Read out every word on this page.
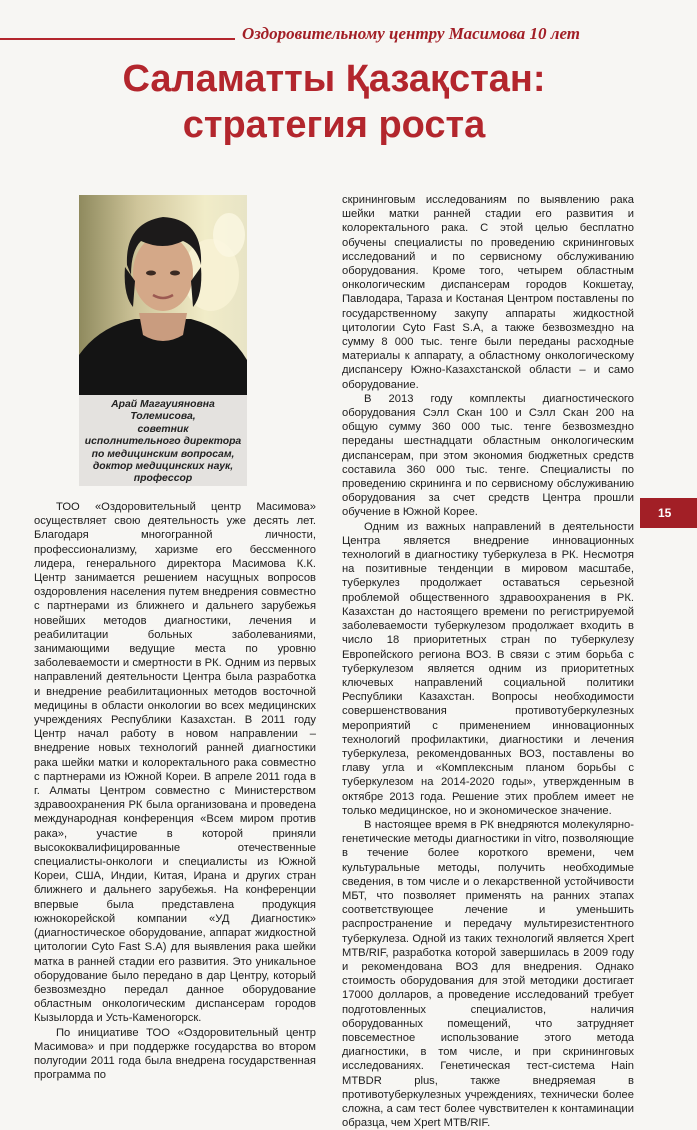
Оздоровительному центру Масимова 10 лет
Саламатты Қазақстан:
стратегия роста
Арай Магауияновна
Толемисова,
советник
исполнительного директора
по медицинским вопросам,
доктор медицинских наук,
профессор

ТОО «Оздоровительный центр Масимова» осуществляет свою деятельность уже десять лет. Благодаря многогранной личности, профессионализму, харизме его бессменного лидера, генерального директора Масимова К.К. Центр занимается решением насущных вопросов оздоровления населения путем внедрения совместно с партнерами из ближнего и дальнего зарубежья новейших методов диагностики, лечения и реабилитации больных заболеваниями, занимающими ведущие места по уровню заболеваемости и смертности в РК. Одним из первых направлений деятельности Центра была разработка и внедрение реабилитационных методов восточной медицины в области онкологии во всех медицинских учреждениях Республики Казахстан. В 2011 году Центр начал работу в новом направлении – внедрение новых технологий ранней диагностики рака шейки матки и колоректального рака совместно с партнерами из Южной Кореи. В апреле 2011 года в г. Алматы Центром совместно с Министерством здравоохранения РК была организована и проведена международная конференция «Всем миром против рака», участие в которой приняли высококвалифицированные отечественные специалисты-онкологи и специалисты из Южной Кореи, США, Индии, Китая, Ирана и других стран ближнего и дальнего зарубежья. На конференции впервые была представлена продукция южнокорейской компании «УД Диагностик» (диагностическое оборудование, аппарат жидкостной цитологии Cyto Fast S.A) для выявления рака шейки матка в ранней стадии его развития. Это уникальное оборудование было передано в дар Центру, который безвозмездно передал данное оборудование областным онкологическим диспансерам городов Кызылорда и Усть-Каменогорск.

По инициативе ТОО «Оздоровительный центр Масимова» и при поддержке государства во втором полугодии 2011 года была внедрена государственная программа по

скрининговым исследованиям по выявлению рака шейки матки ранней стадии его развития и колоректального рака. С этой целью бесплатно обучены специалисты по проведению скрининговых исследований и по сервисному обслуживанию оборудования. Кроме того, четырем областным онкологическим диспансерам городов Кокшетау, Павлодара, Тараза и Костаная Центром поставлены по государственному закупу аппараты жидкостной цитологии Cyto Fast S.A, а также безвозмездно на сумму 8 000 тыс. тенге были переданы расходные материалы к аппарату, а областному онкологическому диспансеру Южно-Казахстанской области – и само оборудование.

В 2013 году комплекты диагностического оборудования Сэлл Скан 100 и Сэлл Скан 200 на общую сумму 360 000 тыс. тенге безвозмездно переданы шестнадцати областным онкологическим диспансерам, при этом экономия бюджетных средств составила 360 000 тыс. тенге. Специалисты по проведению скрининга и по сервисному обслуживанию оборудования за счет средств Центра прошли обучение в Южной Корее.

Одним из важных направлений в деятельности Центра является внедрение инновационных технологий в диагностику туберкулеза в РК. Несмотря на позитивные тенденции в мировом масштабе, туберкулез продолжает оставаться серьезной проблемой общественного здравоохранения в РК. Казахстан до настоящего времени по регистрируемой заболеваемости туберкулезом продолжает входить в число 18 приоритетных стран по туберкулезу Европейского региона ВОЗ. В связи с этим борьба с туберкулезом является одним из приоритетных ключевых направлений социальной политики Республики Казахстан. Вопросы необходимости совершенствования противотуберкулезных мероприятий с применением инновационных технологий профилактики, диагностики и лечения туберкулеза, рекомендованных ВОЗ, поставлены во главу угла и «Комплексным планом борьбы с туберкулезом на 2014-2020 годы», утвержденным в октябре 2013 года. Решение этих проблем имеет не только медицинское, но и экономическое значение.

В настоящее время в РК внедряются молекулярно-генетические методы диагностики in vitro, позволяющие в течение более короткого времени, чем культуральные методы, получить необходимые сведения, в том числе и о лекарственной устойчивости МБТ, что позволяет применять на ранних этапах соответствующее лечение и уменьшить распространение и передачу мультирезистентного туберкулеза. Одной из таких технологий является Xpert MTB/RIF, разработка которой завершилась в 2009 году и рекомендована ВОЗ для внедрения. Однако стоимость оборудования для этой методики достигает 17000 долларов, а проведение исследований требует подготовленных специалистов, наличия оборудованных помещений, что затрудняет повсеместное использование этого метода диагностики, в том числе, и при скрининговых исследованиях. Генетическая тест-система Hain MTBDR plus, также внедряемая в противотуберкулезных учреждениях, технически более сложна, а сам тест более чувствителен к контаминации образца, чем Xpert MTB/RIF.

15
